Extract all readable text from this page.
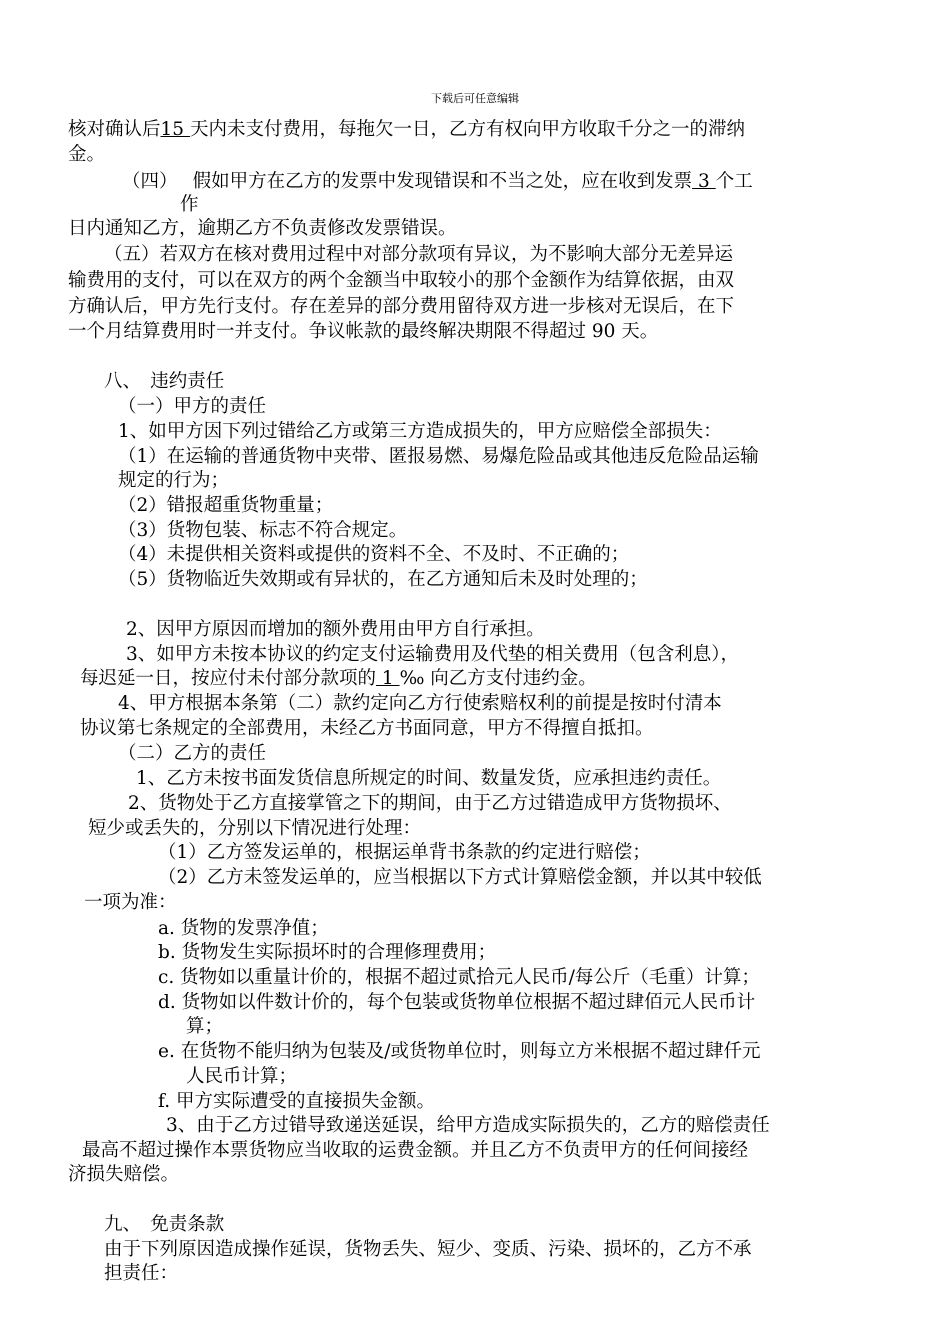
下载后可任意编辑
核对确认后15 天内未支付费用，每拖欠一日，乙方有权向甲方收取千分之一的滞纳
金。
（四）　 假如甲方在乙方的发票中发现错误和不当之处，应在收到发票 3 个工
作
日内通知乙方，逾期乙方不负责修改发票错误。
（五）若双方在核对费用过程中对部分款项有异议，为不影响大部分无差异运
输费用的支付，可以在双方的两个金额当中取较小的那个金额作为结算依据，由双
方确认后，甲方先行支付。存在差异的部分费用留待双方进一步核对无误后，在下
一个月结算费用时一并支付。争议帐款的最终解决期限不得超过 90 天。
八、　违约责任
（一）甲方的责任
1、如甲方因下列过错给乙方或第三方造成损失的，甲方应赔偿全部损失：
（1）在运输的普通货物中夹带、匿报易燃、易爆危险品或其他违反危险品运输
规定的行为；
（2）错报超重货物重量；
（3）货物包装、标志不符合规定。
（4）未提供相关资料或提供的资料不全、不及时、不正确的；
（5）货物临近失效期或有异状的，在乙方通知后未及时处理的；
2、因甲方原因而增加的额外费用由甲方自行承担。
3、如甲方未按本协议的约定支付运输费用及代垫的相关费用（包含利息），
每迟延一日，按应付未付部分款项的 1 ‰ 向乙方支付违约金。
4、甲方根据本条第（二）款约定向乙方行使索赔权利的前提是按时付清本
协议第七条规定的全部费用，未经乙方书面同意，甲方不得擅自抵扣。
（二）乙方的责任
1、乙方未按书面发货信息所规定的时间、数量发货，应承担违约责任。
2、货物处于乙方直接掌管之下的期间，由于乙方过错造成甲方货物损坏、
短少或丢失的，分别以下情况进行处理：
（1）乙方签发运单的，根据运单背书条款的约定进行赔偿；
（2）乙方未签发运单的，应当根据以下方式计算赔偿金额，并以其中较低
一项为准：
a. 货物的发票净值；
b. 货物发生实际损坏时的合理修理费用；
c. 货物如以重量计价的，根据不超过贰拾元人民币/每公斤（毛重）计算；
d. 货物如以件数计价的，每个包装或货物单位根据不超过肆佰元人民币计
算；
e. 在货物不能归纳为包装及/或货物单位时，则每立方米根据不超过肆仟元
人民币计算；
f. 甲方实际遭受的直接损失金额。
3、由于乙方过错导致递送延误，给甲方造成实际损失的，乙方的赔偿责任
最高不超过操作本票货物应当收取的运费金额。并且乙方不负责甲方的任何间接经
济损失赔偿。
九、　免责条款
由于下列原因造成操作延误，货物丢失、短少、变质、污染、损坏的，乙方不承
担责任：
